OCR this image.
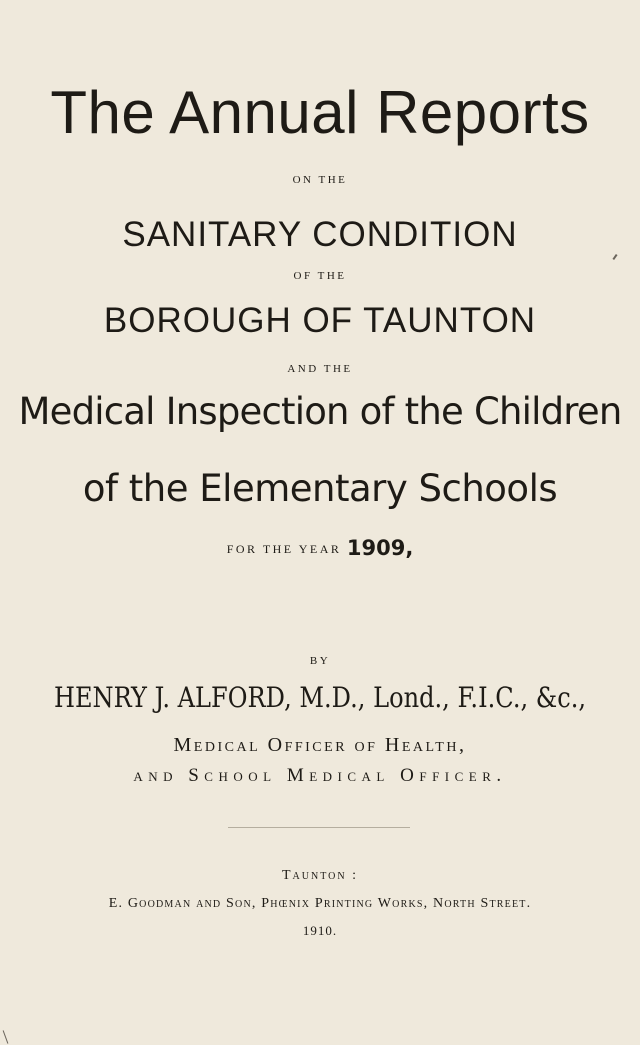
The Annual Reports
ON THE
SANITARY CONDITION
OF THE
BOROUGH OF TAUNTON
AND THE
Medical Inspection of the Children
of the Elementary Schools
FOR THE YEAR 1909,
BY
HENRY J. ALFORD, M.D., Lond., F.I.C., &c.,
Medical Officer of Health,
and School Medical Officer.
Taunton :
E. Goodman and Son, Phœnix Printing Works, North Street.
1910.
